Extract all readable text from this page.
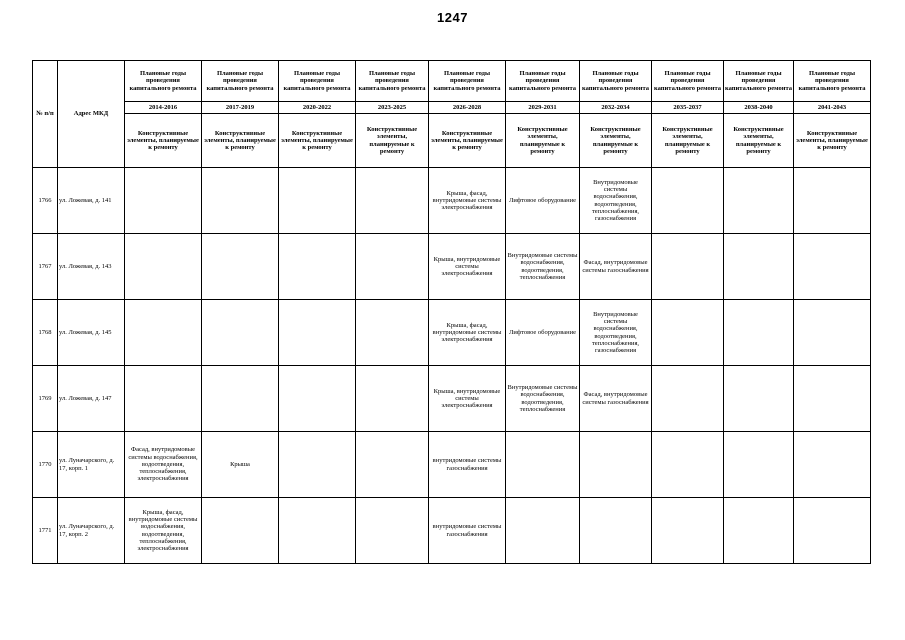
1247
№ п/п	Адрес МКД	Плановые годы проведения капитального ремонта	Плановые годы проведения капитального ремонта	Плановые годы проведения капитального ремонта	Плановые годы проведения капитального ремонта	Плановые годы проведения капитального ремонта	Плановые годы проведения капитального ремонта	Плановые годы проведения капитального ремонта	Плановые годы проведения капитального ремонта	Плановые годы проведения капитального ремонта	Плановые годы проведения капитального ремонта
		2014-2016	2017-2019	2020-2022	2023-2025	2026-2028	2029-2031	2032-2034	2035-2037	2038-2040	2041-2043
		Конструктивные элементы, планируемые к ремонту	Конструктивные элементы, планируемые к ремонту	Конструктивные элементы, планируемые к ремонту	Конструктивные элементы, планируемые к ремонту	Конструктивные элементы, планируемые к ремонту	Конструктивные элементы, планируемые к ремонту	Конструктивные элементы, планируемые к ремонту	Конструктивные элементы, планируемые к ремонту	Конструктивные элементы, планируемые к ремонту	Конструктивные элементы, планируемые к ремонту
1766	ул. Ложевая, д. 141					Крыша, фасад, внутридомовые системы электроснабжения	Лифтовое оборудование	Внутридомовые системы водоснабжения, водоотведения, теплоснабжения, газоснабжения			
1767	ул. Ложевая, д. 143					Крыша, внутридомовые системы электроснабжения	Внутридомовые системы водоснабжения, водоотведения, теплоснабжения	Фасад, внутридомовые системы газоснабжения			
1768	ул. Ложевая, д. 145					Крыша, фасад, внутридомовые системы электроснабжения	Лифтовое оборудование	Внутридомовые системы водоснабжения, водоотведения, теплоснабжения, газоснабжения			
1769	ул. Ложевая, д. 147					Крыша, внутридомовые системы электроснабжения	Внутридомовые системы водоснабжения, водоотведения, теплоснабжения	Фасад, внутридомовые системы газоснабжения			
1770	ул. Луначарского, д. 17, корп. 1	Фасад, внутридомовые системы водоснабжения, водоотведения, теплоснабжения, электроснабжения	Крыша			внутридомовые системы газоснабжения					
1771	ул. Луначарского, д. 17, корп. 2	Крыша, фасад, внутридомовые системы водоснабжения, водоотведения, теплоснабжения, электроснабжения				внутридомовые системы газоснабжения					
